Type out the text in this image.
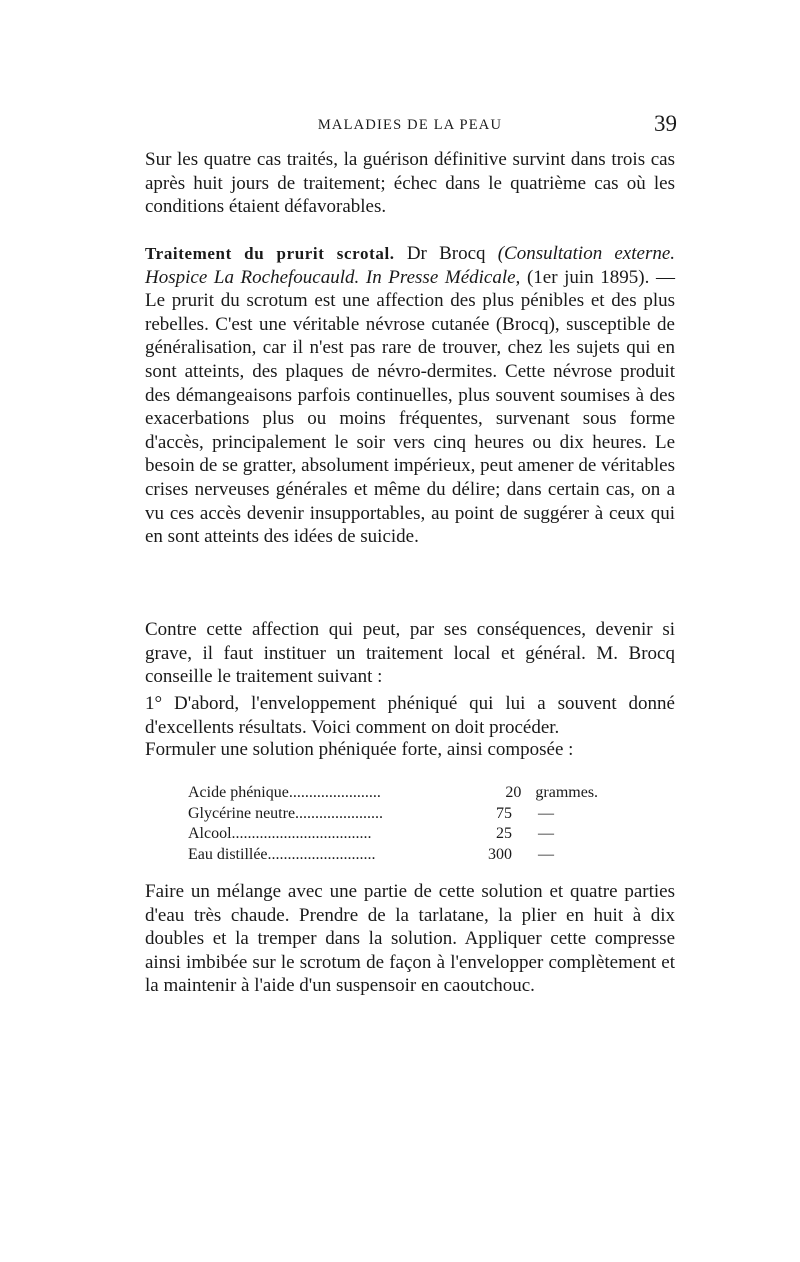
MALADIES DE LA PEAU	39

Sur les quatre cas traités, la guérison définitive survint dans trois cas après huit jours de traitement; échec dans le quatrième cas où les conditions étaient défavorables.

Traitement du prurit scrotal. Dr Brocq (Consultation externe. Hospice La Rochefoucauld. In Presse Médicale, (1er juin 1895). — Le prurit du scrotum est une affection des plus pénibles et des plus rebelles. C'est une véritable névrose cutanée (Brocq), susceptible de généralisation, car il n'est pas rare de trouver, chez les sujets qui en sont atteints, des plaques de névro-dermites. Cette névrose produit des démangeaisons parfois continuelles, plus souvent soumises à des exacerbations plus ou moins fréquentes, survenant sous forme d'accès, principalement le soir vers cinq heures ou dix heures. Le besoin de se gratter, absolument impérieux, peut amener de véritables crises nerveuses générales et même du délire; dans certain cas, on a vu ces accès devenir insupportables, au point de suggérer à ceux qui en sont atteints des idées de suicide.

Contre cette affection qui peut, par ses conséquences, devenir si grave, il faut instituer un traitement local et général. M. Brocq conseille le traitement suivant :

1° D'abord, l'enveloppement phéniqué qui lui a souvent donné d'excellents résultats. Voici comment on doit procéder.

Formuler une solution phéniquée forte, ainsi composée :

Acide phénique.......................	20 grammes.
Glycérine neutre......................	75	—
Alcool...................................	25	—
Eau distillée...........................	300	—

Faire un mélange avec une partie de cette solution et quatre parties d'eau très chaude. Prendre de la tarlatane, la plier en huit à dix doubles et la tremper dans la solution. Appliquer cette compresse ainsi imbibée sur le scrotum de façon à l'envelopper complètement et la maintenir à l'aide d'un suspensoir en caoutchouc.
